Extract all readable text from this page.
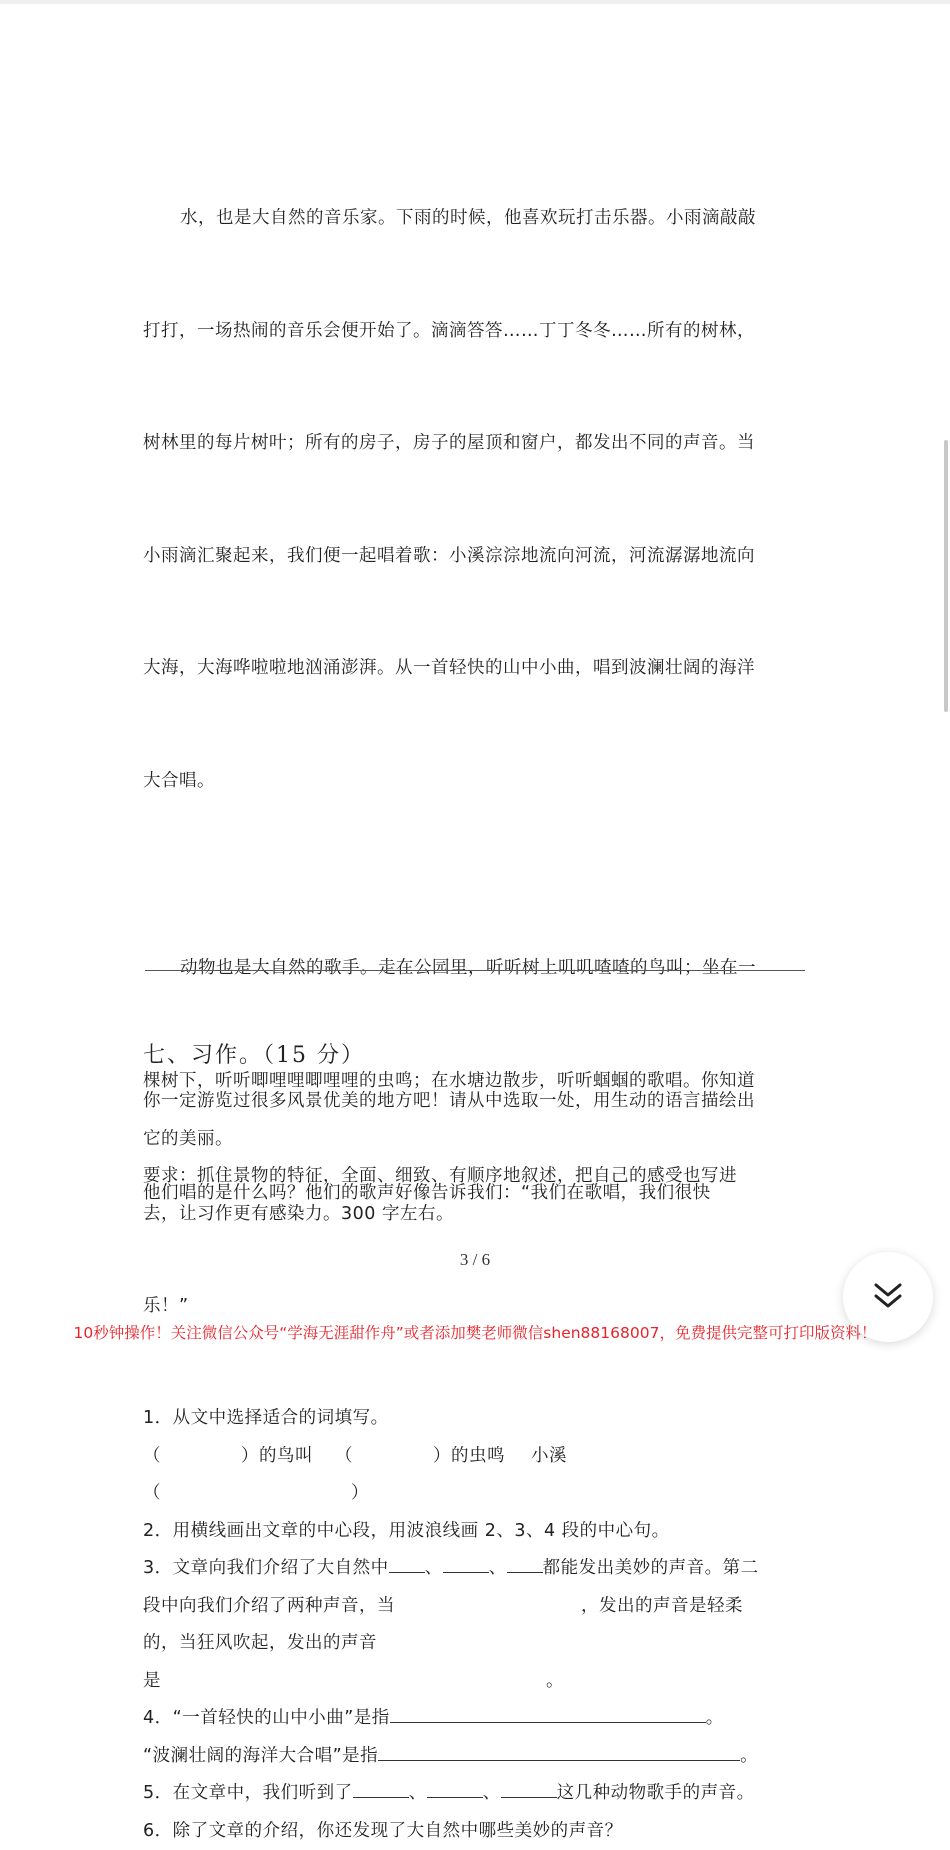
水，也是大自然的音乐家。下雨的时候，他喜欢玩打击乐器。小雨滴敲敲

打打，一场热闹的音乐会便开始了。滴滴答答……丁丁冬冬……所有的树林，

树林里的每片树叶；所有的房子，房子的屋顶和窗户，都发出不同的声音。当

小雨滴汇聚起来，我们便一起唱着歌：小溪淙淙地流向河流，河流潺潺地流向

大海，大海哗啦啦地汹涌澎湃。从一首轻快的山中小曲，唱到波澜壮阔的海洋

大合唱。

动物也是大自然的歌手。走在公园里，听听树上叽叽喳喳的鸟叫；坐在一

棵树下，听听唧哩哩唧哩哩的虫鸣；在水塘边散步，听听蝈蝈的歌唱。你知道

他们唱的是什么吗？他们的歌声好像告诉我们：“我们在歌唱，我们很快

乐！”

1．从文中选择适合的词填写。
（	）的鸟叫 （	）的虫鸣 小溪
（	）
2．用横线画出文章的中心段，用波浪线画 2、3、4 段的中心句。
3．文章向我们介绍了大自然中 、	、 都能发出美妙的声音。第二
段中向我们介绍了两种声音，当	，发出的声音是轻柔
的，当狂风吹起，发出的声音
是	。
4．“一首轻快的山中小曲”是指	。
“波澜壮阔的海洋大合唱”是指	。
5．在文章中，我们听到了	、	、	这几种动物歌手的声音。
6．除了文章的介绍，你还发现了大自然中哪些美妙的声音？
七、习作。（15 分）
你一定游览过很多风景优美的地方吧！请从中选取一处，用生动的语言描绘出
它的美丽。
要求：抓住景物的特征，全面、细致、有顺序地叙述，把自己的感受也写进
去，让习作更有感染力。300 字左右。
3 / 6
10秒钟操作！关注微信公众号“学海无涯甜作舟”或者添加樊老师微信shen88168007，免费提供完整可打印版资料！
